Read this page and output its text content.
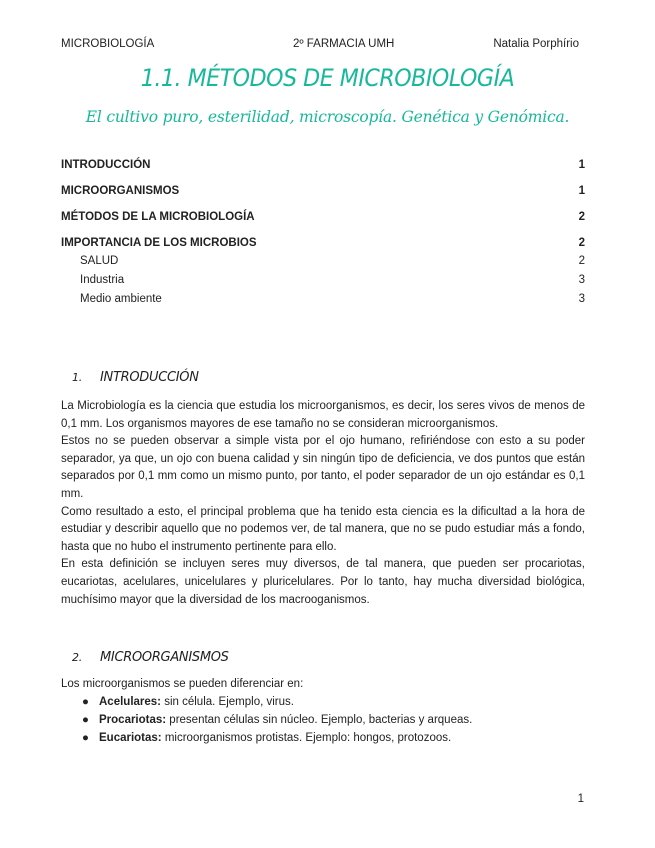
MICROBIOLOGÍA	2º FARMACIA UMH	Natalia Porphírio
1.1. MÉTODOS DE MICROBIOLOGÍA
El cultivo puro, esterilidad, microscopía. Genética y Genómica.
INTRODUCCIÓN	1
MICROORGANISMOS	1
MÉTODOS DE LA MICROBIOLOGÍA	2
IMPORTANCIA DE LOS MICROBIOS	2
SALUD	2
Industria	3
Medio ambiente	3
1. INTRODUCCIÓN

La Microbiología es la ciencia que estudia los microorganismos, es decir, los seres vivos de menos de 0,1 mm. Los organismos mayores de ese tamaño no se consideran microorganismos.

Estos no se pueden observar a simple vista por el ojo humano, refiriéndose con esto a su poder separador, ya que, un ojo con buena calidad y sin ningún tipo de deficiencia, ve dos puntos que están separados por 0,1 mm como un mismo punto, por tanto, el poder separador de un ojo estándar es 0,1 mm.

Como resultado a esto, el principal problema que ha tenido esta ciencia es la dificultad a la hora de estudiar y describir aquello que no podemos ver, de tal manera, que no se pudo estudiar más a fondo, hasta que no hubo el instrumento pertinente para ello.

En esta definición se incluyen seres muy diversos, de tal manera, que pueden ser procariotas, eucariotas, acelulares, unicelulares y pluricelulares. Por lo tanto, hay mucha diversidad biológica, muchísimo mayor que la diversidad de los macrooganismos.

2. MICROORGANISMOS

Los microorganismos se pueden diferenciar en:

● Acelulares: sin célula. Ejemplo, virus.
● Procariotas: presentan células sin núcleo. Ejemplo, bacterias y arqueas.
● Eucariotas: microorganismos protistas. Ejemplo: hongos, protozoos.
1
